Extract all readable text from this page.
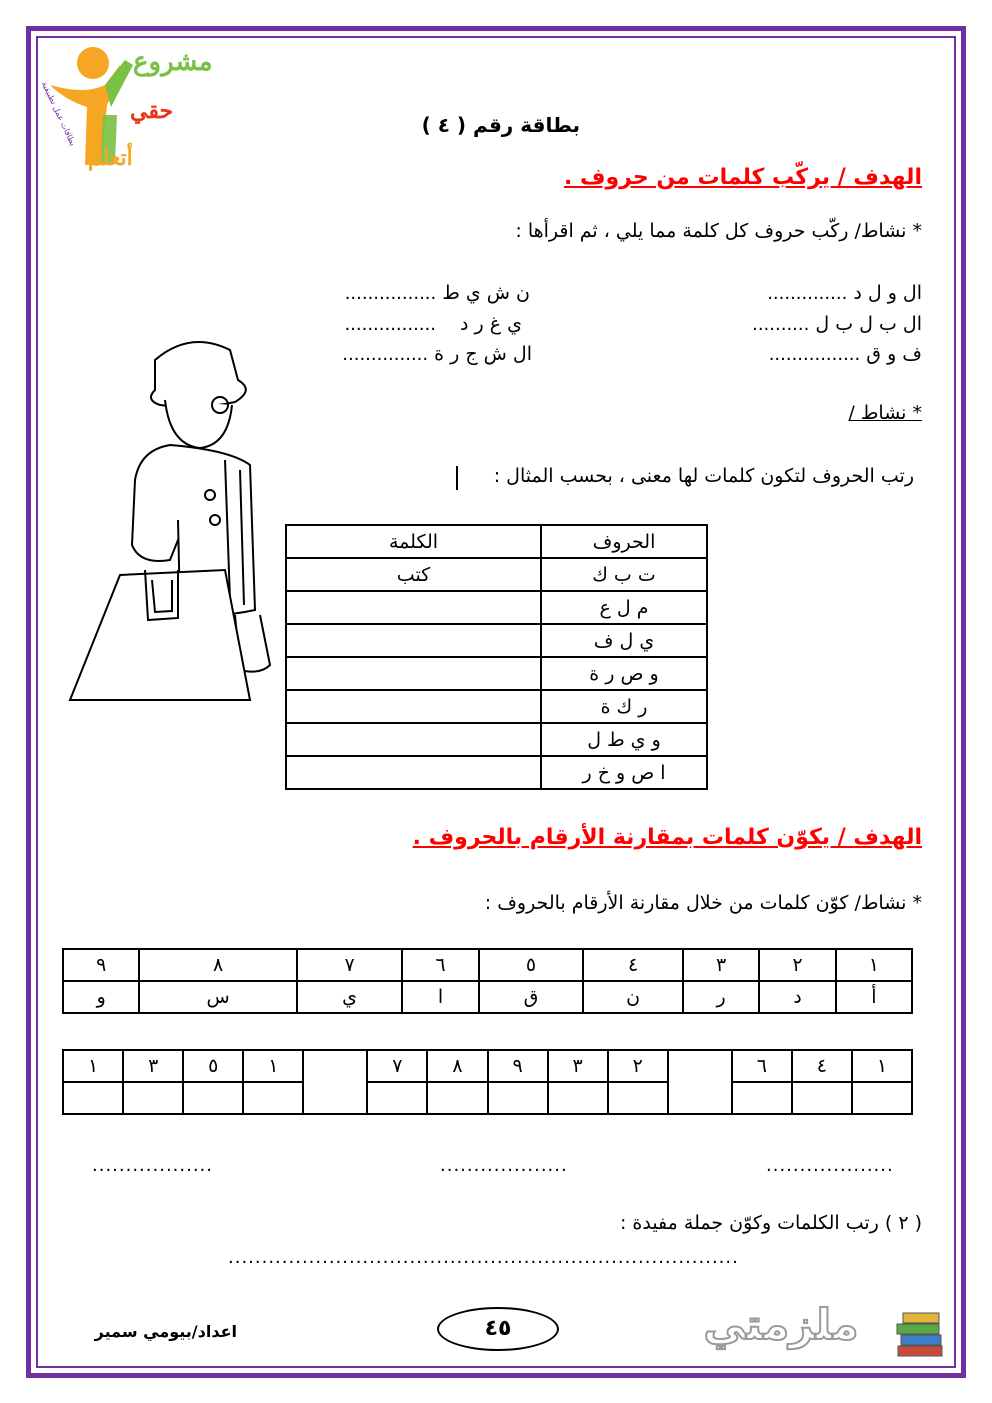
مشروع
حقي
أتعلم
بطاقات عمل تطبيقية	بطاقة رقم ( ٤ )
الهدف / يركّب كلمات من حروف .
* نشاط/ ركّب حروف كل كلمة مما يلي ، ثم اقرأها :
ال و ل د ..............
ال ب ل ب ل ..........
ف و ق ................
ن ش ي ط ................
ي غ ر د ................
ال ش ج ر ة ...............
* نشاط /
رتب الحروف لتكون كلمات لها معنى ، بحسب المثال :
الكلمة	الحروف
كتب	ت ب ك
	م ل ع
	ي ل ف
	و ص ر ة
	ر ك ة
	و ي ط ل
	ا ص و خ ر
الهدف / يكوّن كلمات بمقارنة الأرقام بالحروف .
* نشاط/ كوّن كلمات من خلال مقارنة الأرقام بالحروف :
١	٢	٣	٤	٥	٦	٧	٨	٩
أ	د	ر	ن	ق	ا	ي	س	و
١	٤	٦		٢	٣	٩	٨	٧		١	٥	٣	١

...................
...................
..................
( ٢ ) رتب الكلمات وكوّن جملة مفيدة :
............................................................................
٤٥
اعداد/بيومي سمير	ملزمتي
